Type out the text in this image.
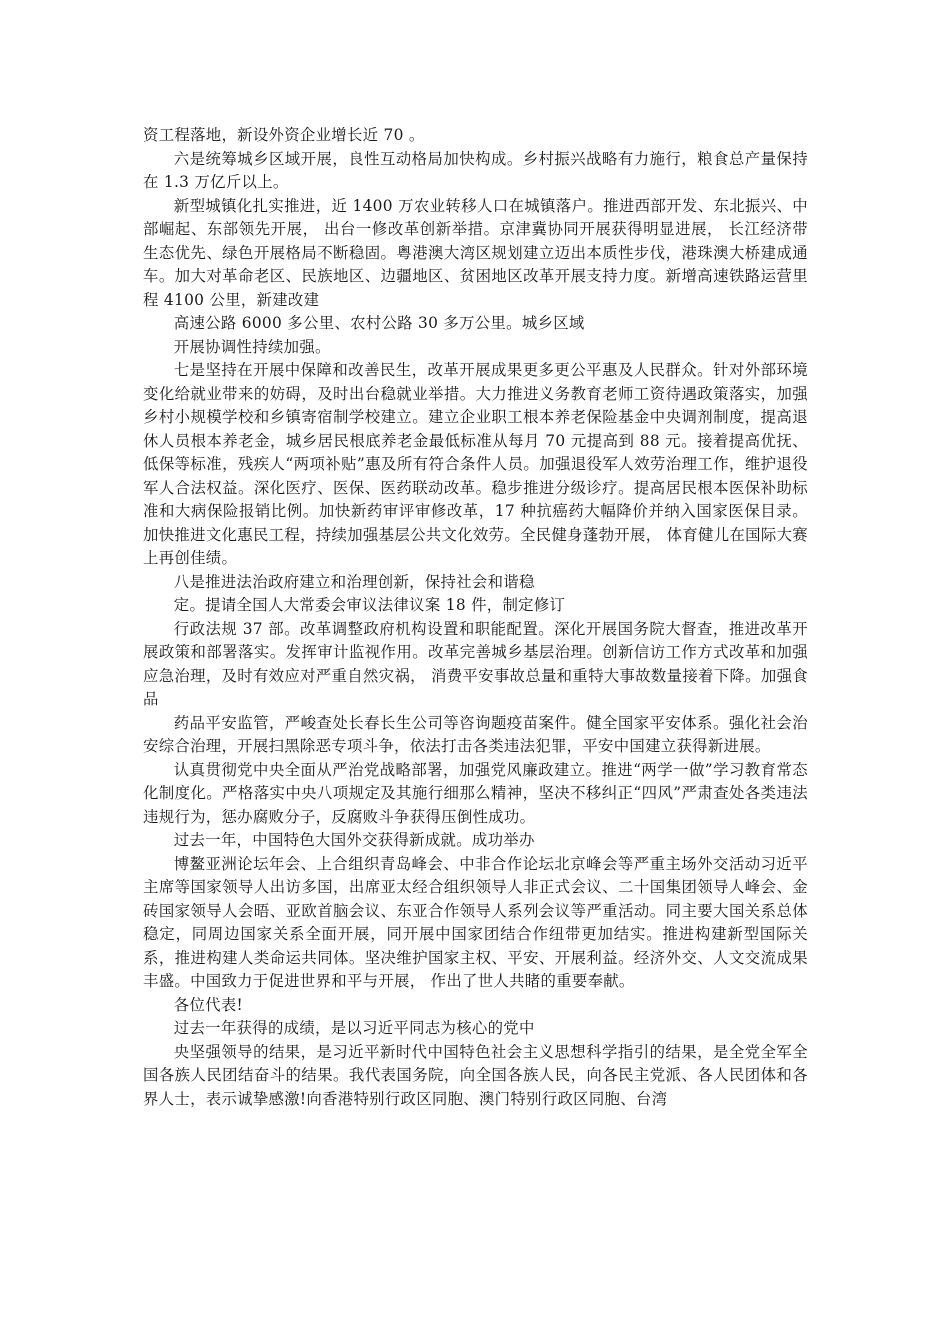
资工程落地，新设外资企业增长近 70 。

六是统筹城乡区域开展，良性互动格局加快构成。乡村振兴战略有力施行，粮食总产量保持在 1.3 万亿斤以上。

新型城镇化扎实推进，近 1400 万农业转移人口在城镇落户。推进西部开发、东北振兴、中部崛起、东部领先开展， 出台一修改革创新举措。京津冀协同开展获得明显进展， 长江经济带生态优先、绿色开展格局不断稳固。粤港澳大湾区规划建立迈出本质性步伐，港珠澳大桥建成通车。加大对革命老区、民族地区、边疆地区、贫困地区改革开展支持力度。新增高速铁路运营里程 4100 公里，新建改建

高速公路 6000 多公里、农村公路 30 多万公里。城乡区域

开展协调性持续加强。

七是坚持在开展中保障和改善民生，改革开展成果更多更公平惠及人民群众。针对外部环境变化给就业带来的妨碍，及时出台稳就业举措。大力推进义务教育老师工资待遇政策落实，加强乡村小规模学校和乡镇寄宿制学校建立。建立企业职工根本养老保险基金中央调剂制度，提高退休人员根本养老金，城乡居民根底养老金最低标准从每月 70 元提高到 88 元。接着提高优抚、低保等标准，残疾人“两项补贴”惠及所有符合条件人员。加强退役军人效劳治理工作，维护退役军人合法权益。深化医疗、医保、医药联动改革。稳步推进分级诊疗。提高居民根本医保补助标准和大病保险报销比例。加快新药审评审修改革，17 种抗癌药大幅降价并纳入国家医保目录。加快推进文化惠民工程，持续加强基层公共文化效劳。全民健身蓬勃开展， 体育健儿在国际大赛上再创佳绩。

八是推进法治政府建立和治理创新，保持社会和谐稳

定。提请全国人大常委会审议法律议案 18 件，制定修订

行政法规 37 部。改革调整政府机构设置和职能配置。深化开展国务院大督查，推进改革开展政策和部署落实。发挥审计监视作用。改革完善城乡基层治理。创新信访工作方式改革和加强应急治理，及时有效应对严重自然灾祸， 消费平安事故总量和重特大事故数量接着下降。加强食品

药品平安监管，严峻查处长春长生公司等咨询题疫苗案件。健全国家平安体系。强化社会治安综合治理，开展扫黑除恶专项斗争，依法打击各类违法犯罪，平安中国建立获得新进展。

认真贯彻党中央全面从严治党战略部署，加强党风廉政建立。推进“两学一做”学习教育常态化制度化。严格落实中央八项规定及其施行细那么精神，坚决不移纠正“四风”严肃查处各类违法违规行为，惩办腐败分子，反腐败斗争获得压倒性成功。

过去一年，中国特色大国外交获得新成就。成功举办

博鳌亚洲论坛年会、上合组织青岛峰会、中非合作论坛北京峰会等严重主场外交活动习近平主席等国家领导人出访多国，出席亚太经合组织领导人非正式会议、二十国集团领导人峰会、金砖国家领导人会晤、亚欧首脑会议、东亚合作领导人系列会议等严重活动。同主要大国关系总体稳定，同周边国家关系全面开展，同开展中国家团结合作纽带更加结实。推进构建新型国际关系，推进构建人类命运共同体。坚决维护国家主权、平安、开展利益。经济外交、人文交流成果丰盛。中国致力于促进世界和平与开展， 作出了世人共睹的重要奉献。

各位代表!

过去一年获得的成绩，是以习近平同志为核心的党中

央坚强领导的结果，是习近平新时代中国特色社会主义思想科学指引的结果，是全党全军全国各族人民团结奋斗的结果。我代表国务院，向全国各族人民，向各民主党派、各人民团体和各界人士，表示诚挚感激!向香港特别行政区同胞、澳门特别行政区同胞、台湾
